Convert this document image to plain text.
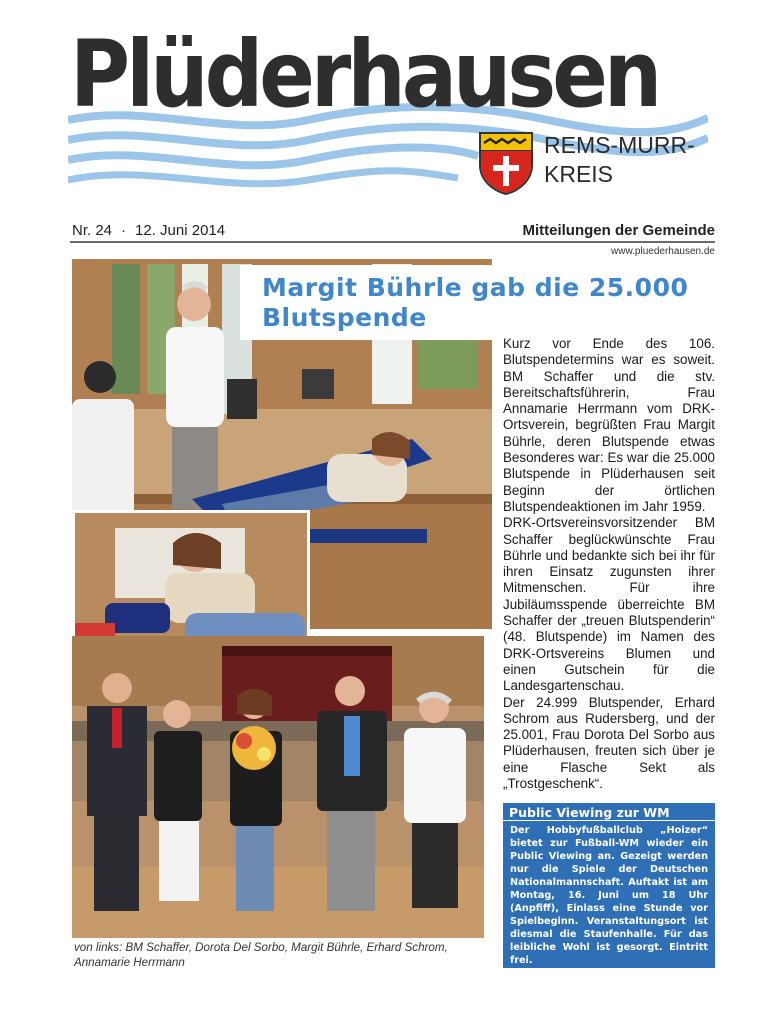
Plüderhausen
REMS-MURR-
KREIS
Nr. 24 · 12. Juni 2014	Mitteilungen der Gemeinde
www.pluederhausen.de
von links: BM Schaffer, Dorota Del Sorbo, Margit Bührle, Erhard Schrom, Annamarie Herrmann
Margit Bührle gab die 25.000 Blutspende

Kurz vor Ende des 106. Blutspendetermins war es soweit. BM Schaffer und die stv. Bereitschaftsführerin, Frau Annamarie Herrmann vom DRK-Ortsverein, begrüßten Frau Margit Bührle, deren Blutspende etwas Besonderes war: Es war die 25.000 Blutspende in Plüderhausen seit Beginn der örtlichen Blutspendeaktionen im Jahr 1959.

DRK-Ortsvereinsvorsitzender BM Schaffer beglückwünschte Frau Bührle und bedankte sich bei ihr für ihren Einsatz zugunsten ihrer Mitmenschen. Für ihre Jubiläumsspende überreichte BM Schaffer der „treuen Blutspenderin“ (48. Blutspende) im Namen des DRK-Ortsvereins Blumen und einen Gutschein für die Landesgartenschau.

Der 24.999 Blutspender, Erhard Schrom aus Rudersberg, und der 25.001, Frau Dorota Del Sorbo aus Plüderhausen, freuten sich über je eine Flasche Sekt als „Trostgeschenk“.

Public Viewing zur WM
Der Hobbyfußballclub „Hoizer“ bietet zur Fußball-WM wieder ein Public Viewing an. Gezeigt werden nur die Spiele der Deutschen Nationalmannschaft. Auftakt ist am Montag, 16. Juni um 18 Uhr (Anpfiff), Einlass eine Stunde vor Spielbeginn. Veranstaltungsort ist diesmal die Staufenhalle. Für das leibliche Wohl ist gesorgt. Eintritt frei.
Weitere Informationen siehe Seite 8
